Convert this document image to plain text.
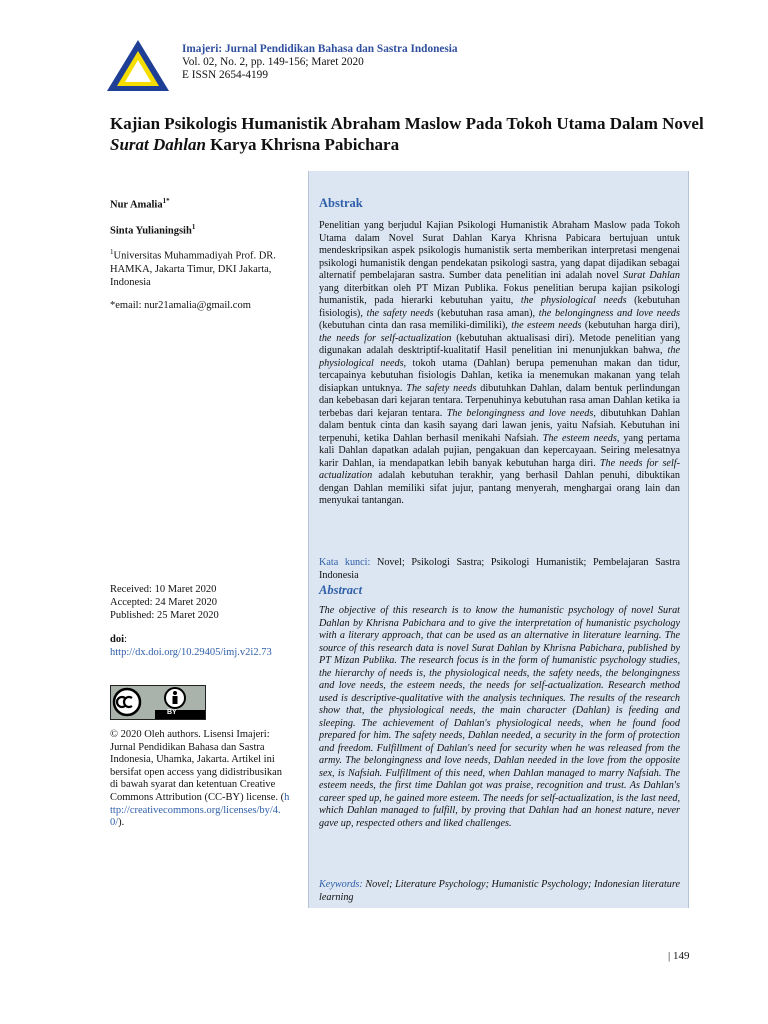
Imajeri: Jurnal Pendidikan Bahasa dan Sastra Indonesia
Vol. 02, No. 2, pp. 149-156; Maret 2020
E ISSN 2654-4199
Kajian Psikologis Humanistik Abraham Maslow Pada Tokoh Utama Dalam Novel Surat Dahlan Karya Khrisna Pabichara
Nur Amalia$^{1*}$
Sinta Yulianingsih$^1$
$^1$Universitas Muhammadiyah Prof. DR. HAMKA, Jakarta Timur, DKI Jakarta, Indonesia
*email: nur21amalia@gmail.com
Received: 10 Maret 2020
Accepted: 24 Maret 2020
Published: 25 Maret 2020
doi:
http://dx.doi.org/10.29405/imj.v2i2.73
BY
© 2020 Oleh authors. Lisensi Imajeri: Jurnal Pendidikan Bahasa dan Sastra Indonesia, Uhamka, Jakarta. Artikel ini bersifat open access yang didistribusikan di bawah syarat dan ketentuan Creative Commons Attribution (CC-BY) license. (http://creativecommons.org/licenses/by/4.0/).
Abstrak
Penelitian yang berjudul Kajian Psikologi Humanistik Abraham Maslow pada Tokoh Utama dalam Novel Surat Dahlan Karya Khrisna Pabicara bertujuan untuk mendeskripsikan aspek psikologis humanistik serta memberikan interpretasi mengenai psikologi humanistik dengan pendekatan psikologi sastra, yang dapat dijadikan sebagai alternatif pembelajaran sastra. Sumber data penelitian ini adalah novel Surat Dahlan yang diterbitkan oleh PT Mizan Publika. Fokus penelitian berupa kajian psikologi humanistik, pada hierarki kebutuhan yaitu, the physiological needs (kebutuhan fisiologis), the safety needs (kebutuhan rasa aman), the belongingness and love needs (kebutuhan cinta dan rasa memiliki-dimiliki), the esteem needs (kebutuhan harga diri), the needs for self-actualization (kebutuhan aktualisasi diri). Metode penelitian yang digunakan adalah desktriptif-kualitatif Hasil penelitian ini menunjukkan bahwa, the physiological needs, tokoh utama (Dahlan) berupa pemenuhan makan dan tidur, tercapainya kebutuhan fisiologis Dahlan, ketika ia menemukan makanan yang telah disiapkan untuknya. The safety needs dibutuhkan Dahlan, dalam bentuk perlindungan dan kebebasan dari kejaran tentara. Terpenuhinya kebutuhan rasa aman Dahlan ketika ia terbebas dari kejaran tentara. The belongingness and love needs, dibutuhkan Dahlan dalam bentuk cinta dan kasih sayang dari lawan jenis, yaitu Nafsiah. Kebutuhan ini terpenuhi, ketika Dahlan berhasil menikahi Nafsiah. The esteem needs, yang pertama kali Dahlan dapatkan adalah pujian, pengakuan dan kepercayaan. Seiring melesatnya karir Dahlan, ia mendapatkan lebih banyak kebutuhan harga diri. The needs for self-actualization adalah kebutuhan terakhir, yang berhasil Dahlan penuhi, dibuktikan dengan Dahlan memiliki sifat jujur, pantang menyerah, menghargai orang lain dan menyukai tantangan.
Kata kunci: Novel; Psikologi Sastra; Psikologi Humanistik; Pembelajaran Sastra Indonesia
Abstract
The objective of this research is to know the humanistic psychology of novel Surat Dahlan by Khrisna Pabichara and to give the interpretation of humanistic psychology with a literary approach, that can be used as an alternative in literature learning. The source of this research data is novel Surat Dahlan by Khrisna Pabichara, published by PT Mizan Publika. The research focus is in the form of humanistic psychology studies, the hierarchy of needs is, the physiological needs, the safety needs, the belongingness and love needs, the esteem needs, the needs for self-actualization. Research method used is descriptive-qualitative with the analysis techniques. The results of the research show that, the physiological needs, the main character (Dahlan) is feeding and sleeping. The achievement of Dahlan's physiological needs, when he found food prepared for him. The safety needs, Dahlan needed, a security in the form of protection and freedom. Fulfillment of Dahlan's need for security when he was released from the army. The belongingness and love needs, Dahlan needed in the love from the opposite sex, is Nafsiah. Fulfillment of this need, when Dahlan managed to marry Nafsiah. The esteem needs, the first time Dahlan got was praise, recognition and trust. As Dahlan's career sped up, he gained more esteem. The needs for self-actualization, is the last need, which Dahlan managed to fulfill, by proving that Dahlan had an honest nature, never gave up, respected others and liked challenges.
Keywords: Novel; Literature Psychology; Humanistic Psychology; Indonesian literature learning
| 149
